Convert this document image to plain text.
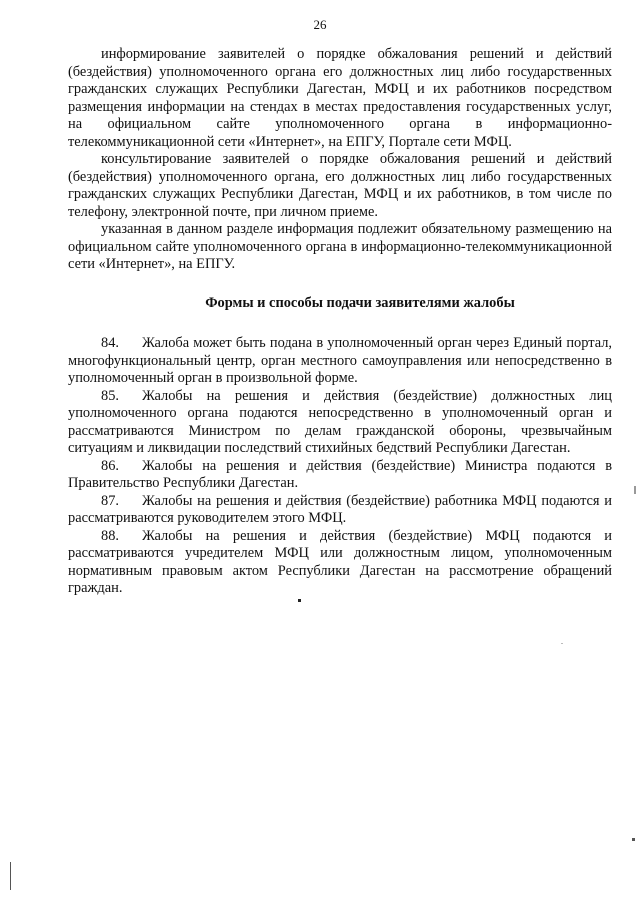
26

информирование заявителей о порядке обжалования решений и действий (бездействия) уполномоченного органа его должностных лиц либо государственных гражданских служащих Республики Дагестан, МФЦ и их работников посредством размещения информации на стендах в местах предоставления государственных услуг, на официальном сайте уполномоченного органа в информационно-телекоммуникационной сети «Интернет», на ЕПГУ, Портале сети МФЦ.

консультирование заявителей о порядке обжалования решений и действий (бездействия) уполномоченного органа, его должностных лиц либо государственных гражданских служащих Республики Дагестан, МФЦ и их работников, в том числе по телефону, электронной почте, при личном приеме.

указанная в данном разделе информация подлежит обязательному размещению на официальном сайте уполномоченного органа в информационно-телекоммуникационной сети «Интернет», на ЕПГУ.

Формы и способы подачи заявителями жалобы

84. Жалоба может быть подана в уполномоченный орган через Единый портал, многофункциональный центр, орган местного самоуправления или непосредственно в уполномоченный орган в произвольной форме.

85. Жалобы на решения и действия (бездействие) должностных лиц уполномоченного органа подаются непосредственно в уполномоченный орган и рассматриваются Министром по делам гражданской обороны, чрезвычайным ситуациям и ликвидации последствий стихийных бедствий Республики Дагестан.

86. Жалобы на решения и действия (бездействие) Министра подаются в Правительство Республики Дагестан.

87. Жалобы на решения и действия (бездействие) работника МФЦ подаются и рассматриваются руководителем этого МФЦ.

88. Жалобы на решения и действия (бездействие) МФЦ подаются и рассматриваются учредителем МФЦ или должностным лицом, уполномоченным нормативным правовым актом Республики Дагестан на рассмотрение обращений граждан.
